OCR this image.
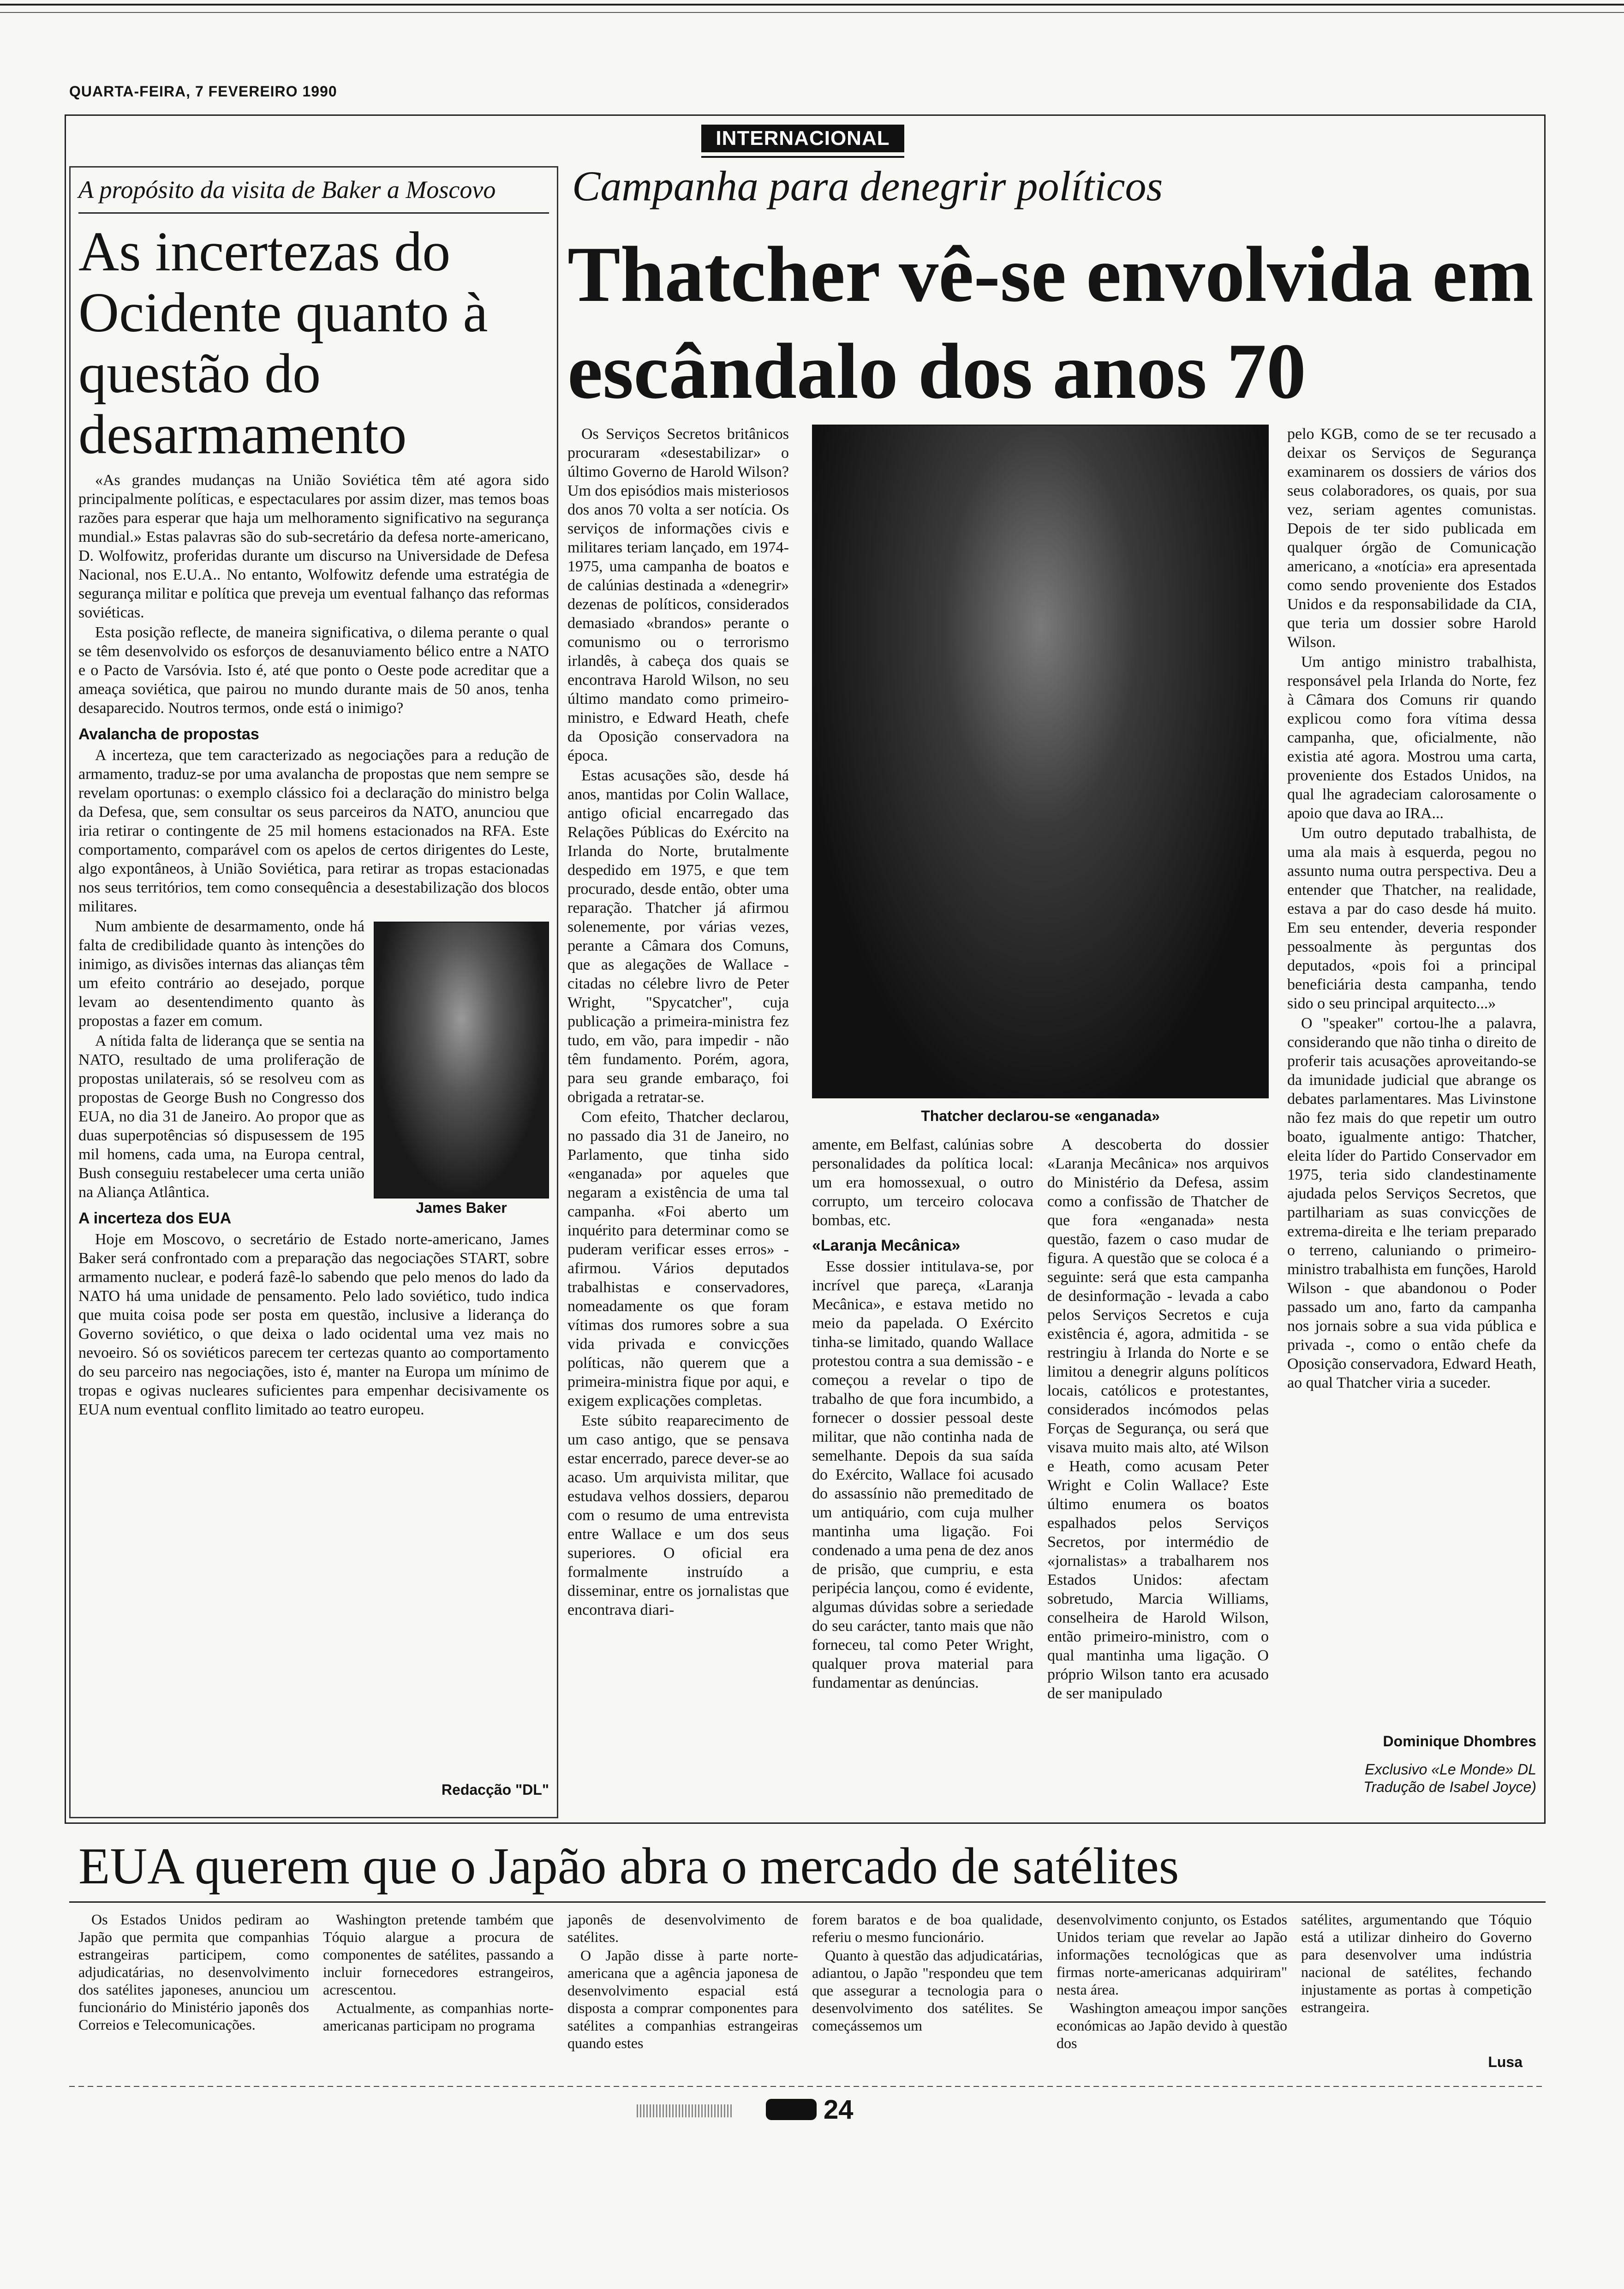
QUARTA-FEIRA, 7 FEVEREIRO 1990
INTERNACIONAL
A propósito da visita de Baker a Moscovo
As incertezas do Ocidente quanto à questão do desarmamento

«As grandes mudanças na União Soviética têm até agora sido principalmente políticas, e espectaculares por assim dizer, mas temos boas razões para esperar que haja um melhoramento significativo na segurança mundial.» Estas palavras são do sub-secretário da defesa norte-americano, D. Wolfowitz, proferidas durante um discurso na Universidade de Defesa Nacional, nos E.U.A.. No entanto, Wolfowitz defende uma estratégia de segurança militar e política que preveja um eventual falhanço das reformas soviéticas.

Esta posição reflecte, de maneira significativa, o dilema perante o qual se têm desenvolvido os esforços de desanuviamento bélico entre a NATO e o Pacto de Varsóvia. Isto é, até que ponto o Oeste pode acreditar que a ameaça soviética, que pairou no mundo durante mais de 50 anos, tenha desaparecido. Noutros termos, onde está o inimigo?

Avalancha de propostas

A incerteza, que tem caracterizado as negociações para a redução de armamento, traduz-se por uma avalancha de propostas que nem sempre se revelam oportunas: o exemplo clássico foi a declaração do ministro belga da Defesa, que, sem consultar os seus parceiros da NATO, anunciou que iria retirar o contingente de 25 mil homens estacionados na RFA. Este comportamento, comparável com os apelos de certos dirigentes do Leste, algo expontâneos, à União Soviética, para retirar as tropas estacionadas nos seus territórios, tem como consequência a desestabilização dos blocos militares.

James Baker

Num ambiente de desarmamento, onde há falta de credibilidade quanto às intenções do inimigo, as divisões internas das alianças têm um efeito contrário ao desejado, porque levam ao desentendimento quanto às propostas a fazer em comum.

A nítida falta de liderança que se sentia na NATO, resultado de uma proliferação de propostas unilaterais, só se resolveu com as propostas de George Bush no Congresso dos EUA, no dia 31 de Janeiro. Ao propor que as duas superpotências só dispusessem de 195 mil homens, cada uma, na Europa central, Bush conseguiu restabelecer uma certa união na Aliança Atlântica.

A incerteza dos EUA

Hoje em Moscovo, o secretário de Estado norte-americano, James Baker será confrontado com a preparação das negociações START, sobre armamento nuclear, e poderá fazê-lo sabendo que pelo menos do lado da NATO há uma unidade de pensamento. Pelo lado soviético, tudo indica que muita coisa pode ser posta em questão, inclusive a liderança do Governo soviético, o que deixa o lado ocidental uma vez mais no nevoeiro. Só os soviéticos parecem ter certezas quanto ao comportamento do seu parceiro nas negociações, isto é, manter na Europa um mínimo de tropas e ogivas nucleares suficientes para empenhar decisivamente os EUA num eventual conflito limitado ao teatro europeu.

Redacção "DL"
Campanha para denegrir políticos
Thatcher vê-se envolvida em escândalo dos anos 70
Thatcher declarou-se «enganada»

Os Serviços Secretos britânicos procuraram «desestabilizar» o último Governo de Harold Wilson? Um dos episódios mais misteriosos dos anos 70 volta a ser notícia. Os serviços de informações civis e militares teriam lançado, em 1974-1975, uma campanha de boatos e de calúnias destinada a «denegrir» dezenas de políticos, considerados demasiado «brandos» perante o comunismo ou o terrorismo irlandês, à cabeça dos quais se encontrava Harold Wilson, no seu último mandato como primeiro-ministro, e Edward Heath, chefe da Oposição conservadora na época.

Estas acusações são, desde há anos, mantidas por Colin Wallace, antigo oficial encarregado das Relações Públicas do Exército na Irlanda do Norte, brutalmente despedido em 1975, e que tem procurado, desde então, obter uma reparação. Thatcher já afirmou solenemente, por várias vezes, perante a Câmara dos Comuns, que as alegações de Wallace - citadas no célebre livro de Peter Wright, "Spycatcher", cuja publicação a primeira-ministra fez tudo, em vão, para impedir - não têm fundamento. Porém, agora, para seu grande embaraço, foi obrigada a retratar-se.

Com efeito, Thatcher declarou, no passado dia 31 de Janeiro, no Parlamento, que tinha sido «enganada» por aqueles que negaram a existência de uma tal campanha. «Foi aberto um inquérito para determinar como se puderam verificar esses erros» - afirmou. Vários deputados trabalhistas e conservadores, nomeadamente os que foram vítimas dos rumores sobre a sua vida privada e convicções políticas, não querem que a primeira-ministra fique por aqui, e exigem explicações completas.

Este súbito reaparecimento de um caso antigo, que se pensava estar encerrado, parece dever-se ao acaso. Um arquivista militar, que estudava velhos dossiers, deparou com o resumo de uma entrevista entre Wallace e um dos seus superiores. O oficial era formalmente instruído a disseminar, entre os jornalistas que encontrava diari-

amente, em Belfast, calúnias sobre personalidades da política local: um era homossexual, o outro corrupto, um terceiro colocava bombas, etc.

«Laranja Mecânica»

Esse dossier intitulava-se, por incrível que pareça, «Laranja Mecânica», e estava metido no meio da papelada. O Exército tinha-se limitado, quando Wallace protestou contra a sua demissão - e começou a revelar o tipo de trabalho de que fora incumbido, a fornecer o dossier pessoal deste militar, que não continha nada de semelhante. Depois da sua saída do Exército, Wallace foi acusado do assassínio não premeditado de um antiquário, com cuja mulher mantinha uma ligação. Foi condenado a uma pena de dez anos de prisão, que cumpriu, e esta peripécia lançou, como é evidente, algumas dúvidas sobre a seriedade do seu carácter, tanto mais que não forneceu, tal como Peter Wright, qualquer prova material para fundamentar as denúncias.

A descoberta do dossier «Laranja Mecânica» nos arquivos do Ministério da Defesa, assim como a confissão de Thatcher de que fora «enganada» nesta questão, fazem o caso mudar de figura. A questão que se coloca é a seguinte: será que esta campanha de desinformação - levada a cabo pelos Serviços Secretos e cuja existência é, agora, admitida - se restringiu à Irlanda do Norte e se limitou a denegrir alguns políticos locais, católicos e protestantes, considerados incómodos pelas Forças de Segurança, ou será que visava muito mais alto, até Wilson e Heath, como acusam Peter Wright e Colin Wallace? Este último enumera os boatos espalhados pelos Serviços Secretos, por intermédio de «jornalistas» a trabalharem nos Estados Unidos: afectam sobretudo, Marcia Williams, conselheira de Harold Wilson, então primeiro-ministro, com o qual mantinha uma ligação. O próprio Wilson tanto era acusado de ser manipulado

pelo KGB, como de se ter recusado a deixar os Serviços de Segurança examinarem os dossiers de vários dos seus colaboradores, os quais, por sua vez, seriam agentes comunistas. Depois de ter sido publicada em qualquer órgão de Comunicação americano, a «notícia» era apresentada como sendo proveniente dos Estados Unidos e da responsabilidade da CIA, que teria um dossier sobre Harold Wilson.

Um antigo ministro trabalhista, responsável pela Irlanda do Norte, fez à Câmara dos Comuns rir quando explicou como fora vítima dessa campanha, que, oficialmente, não existia até agora. Mostrou uma carta, proveniente dos Estados Unidos, na qual lhe agradeciam calorosamente o apoio que dava ao IRA...

Um outro deputado trabalhista, de uma ala mais à esquerda, pegou no assunto numa outra perspectiva. Deu a entender que Thatcher, na realidade, estava a par do caso desde há muito. Em seu entender, deveria responder pessoalmente às perguntas dos deputados, «pois foi a principal beneficiária desta campanha, tendo sido o seu principal arquitecto...»

O "speaker" cortou-lhe a palavra, considerando que não tinha o direito de proferir tais acusações aproveitando-se da imunidade judicial que abrange os debates parlamentares. Mas Livinstone não fez mais do que repetir um outro boato, igualmente antigo: Thatcher, eleita líder do Partido Conservador em 1975, teria sido clandestinamente ajudada pelos Serviços Secretos, que partilhariam as suas convicções de extrema-direita e lhe teriam preparado o terreno, caluniando o primeiro-ministro trabalhista em funções, Harold Wilson - que abandonou o Poder passado um ano, farto da campanha nos jornais sobre a sua vida pública e privada -, como o então chefe da Oposição conservadora, Edward Heath, ao qual Thatcher viria a suceder.

Dominique Dhombres
Exclusivo «Le Monde» DL
Tradução de Isabel Joyce)
EUA querem que o Japão abra o mercado de satélites

Os Estados Unidos pediram ao Japão que permita que companhias estrangeiras participem, como adjudicatárias, no desenvolvimento dos satélites japoneses, anunciou um funcionário do Ministério japonês dos Correios e Telecomunicações.

Washington pretende também que Tóquio alargue a procura de componentes de satélites, passando a incluir fornecedores estrangeiros, acrescentou.

Actualmente, as companhias norte-americanas participam no programa

japonês de desenvolvimento de satélites.

O Japão disse à parte norte-americana que a agência japonesa de desenvolvimento espacial está disposta a comprar componentes para satélites a companhias estrangeiras quando estes

forem baratos e de boa qualidade, referiu o mesmo funcionário.

Quanto à questão das adjudicatárias, adiantou, o Japão "respondeu que tem que assegurar a tecnologia para o desenvolvimento dos satélites. Se começássemos um

desenvolvimento conjunto, os Estados Unidos teriam que revelar ao Japão informações tecnológicas que as firmas norte-americanas adquiriram" nesta área.

Washington ameaçou impor sanções económicas ao Japão devido à questão dos

satélites, argumentando que Tóquio está a utilizar dinheiro do Governo para desenvolver uma indústria nacional de satélites, fechando injustamente as portas à competição estrangeira.

Lusa
24
